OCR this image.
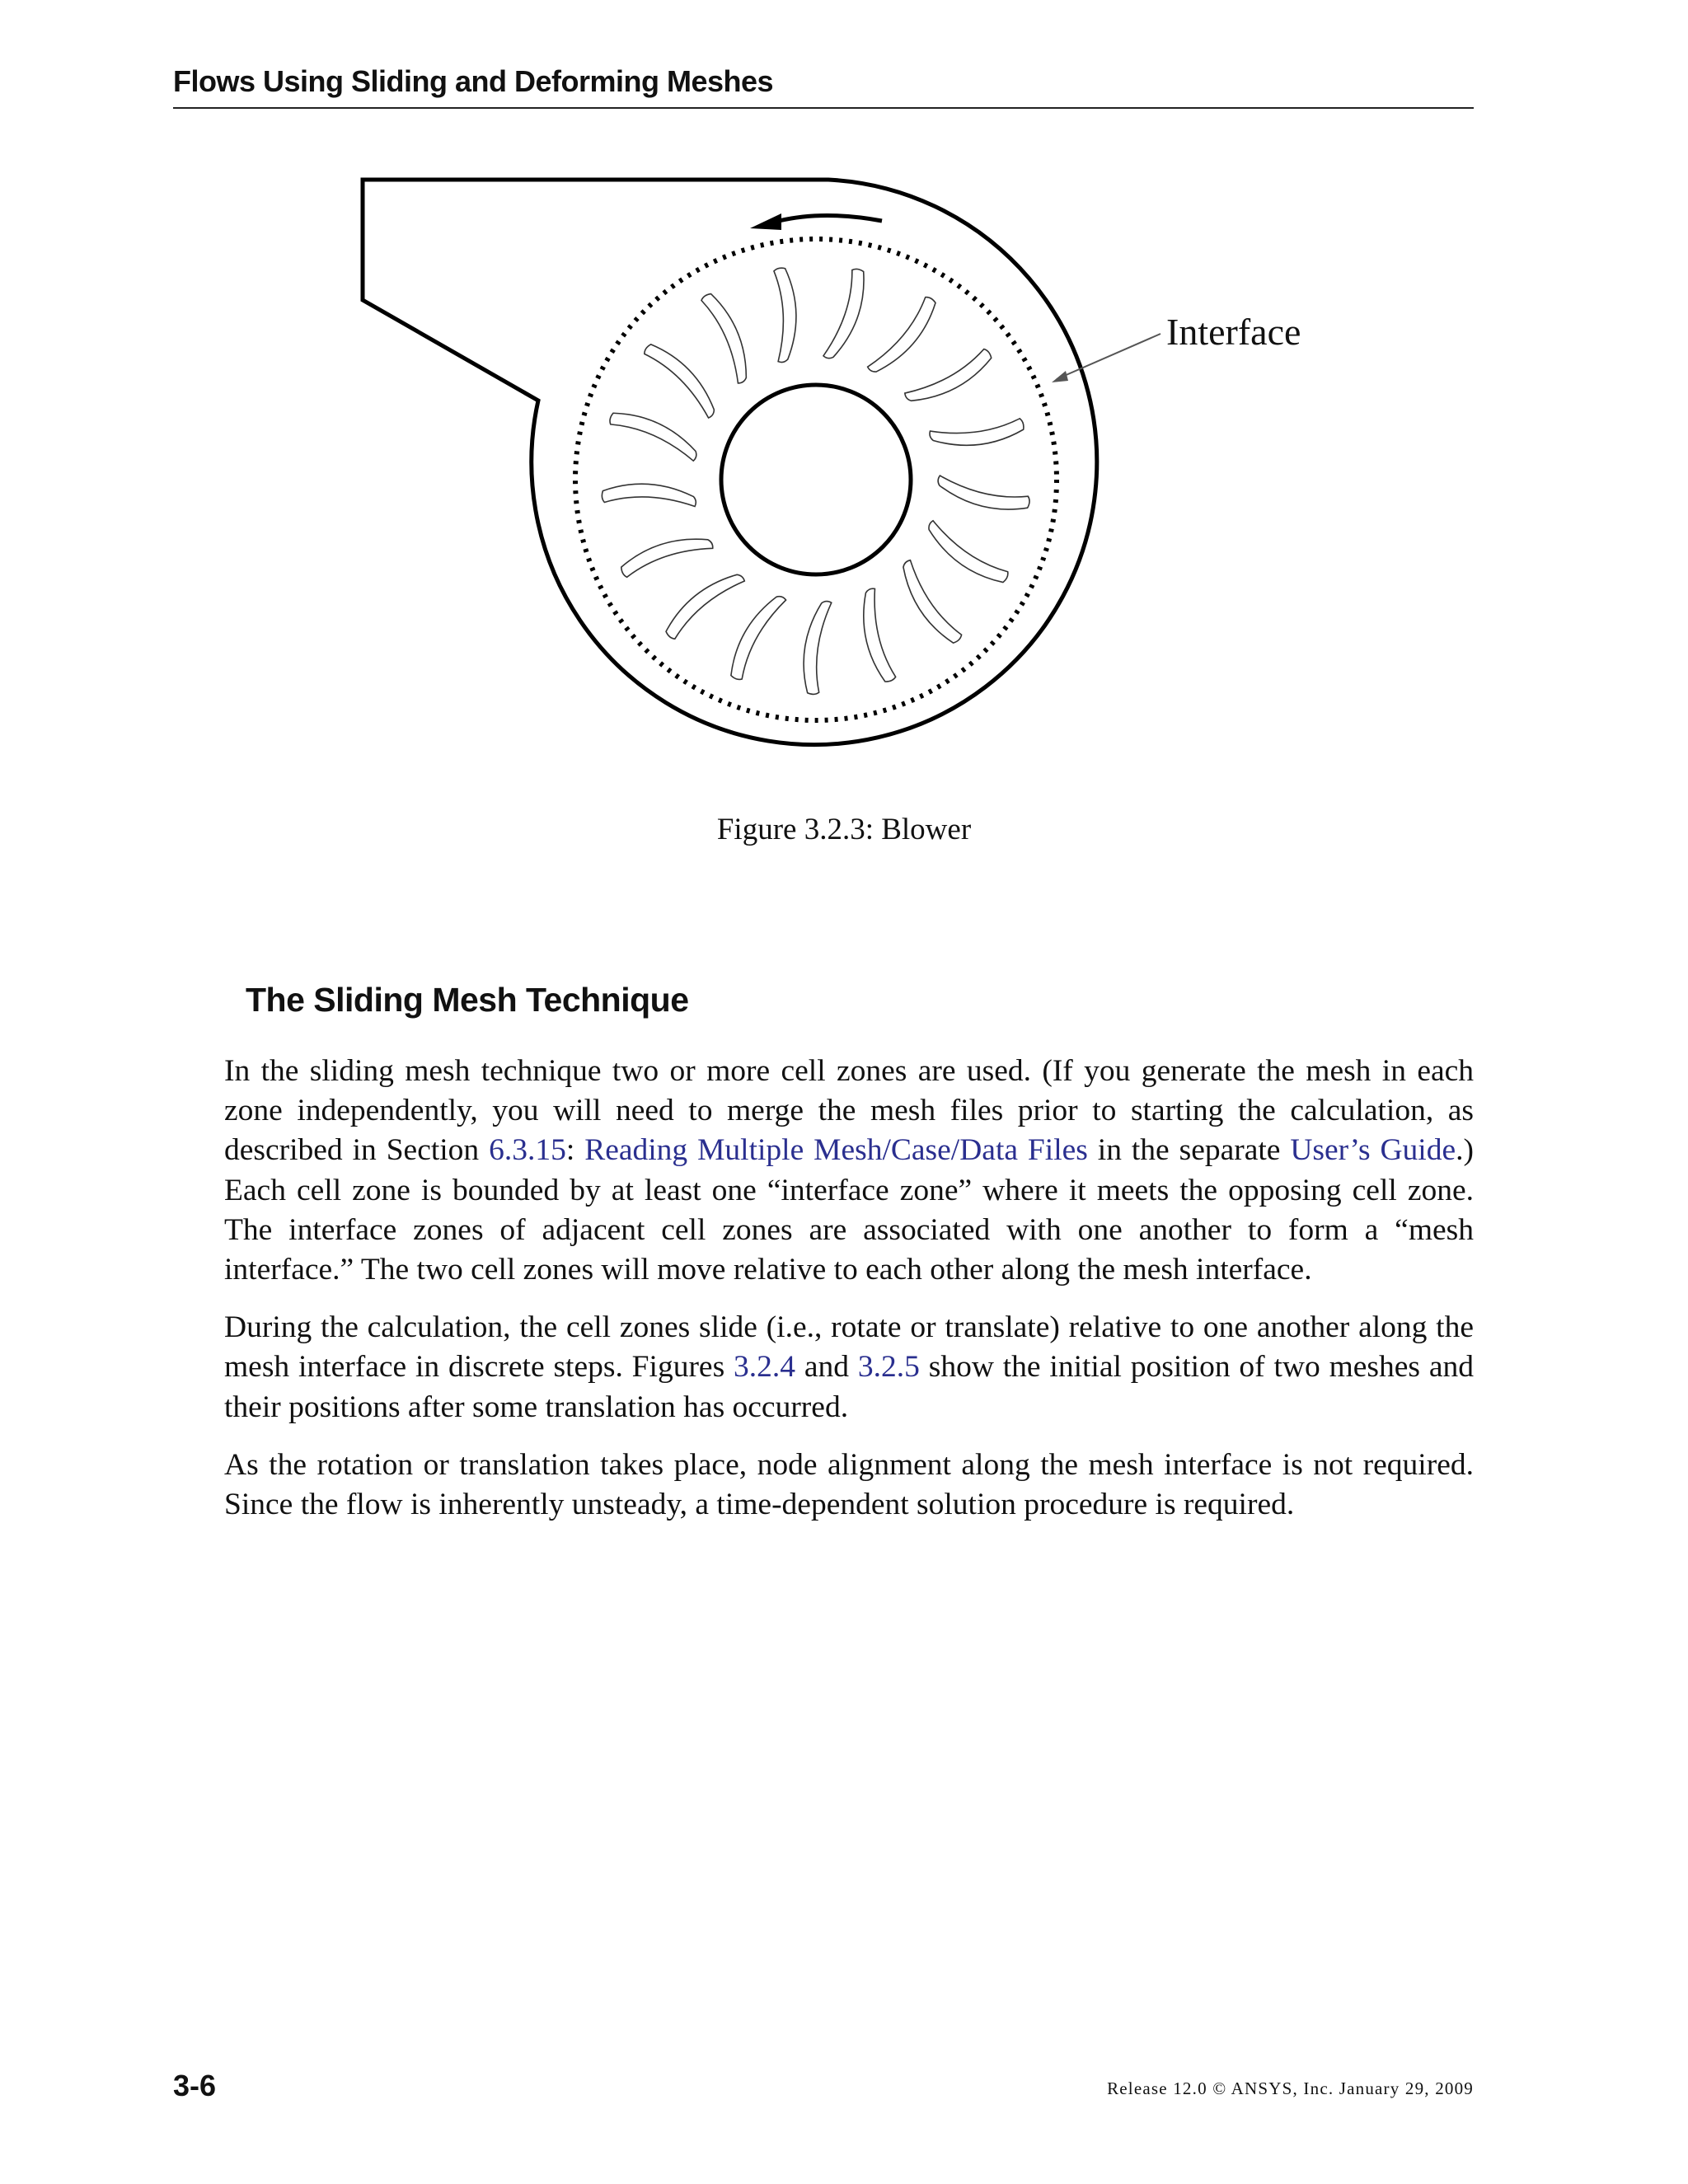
Flows Using Sliding and Deforming Meshes
Interface
Figure 3.2.3: Blower
The Sliding Mesh Technique

In the sliding mesh technique two or more cell zones are used. (If you generate the mesh in each zone independently, you will need to merge the mesh files prior to starting the calculation, as described in Section 6.3.15: Reading Multiple Mesh/Case/Data Files in the separate User’s Guide.) Each cell zone is bounded by at least one “interface zone” where it meets the opposing cell zone. The interface zones of adjacent cell zones are associated with one another to form a “mesh interface.” The two cell zones will move relative to each other along the mesh interface.

During the calculation, the cell zones slide (i.e., rotate or translate) relative to one another along the mesh interface in discrete steps. Figures 3.2.4 and 3.2.5 show the initial position of two meshes and their positions after some translation has occurred.

As the rotation or translation takes place, node alignment along the mesh interface is not required. Since the flow is inherently unsteady, a time-dependent solution procedure is required.

3-6	Release 12.0 © ANSYS, Inc. January 29, 2009
